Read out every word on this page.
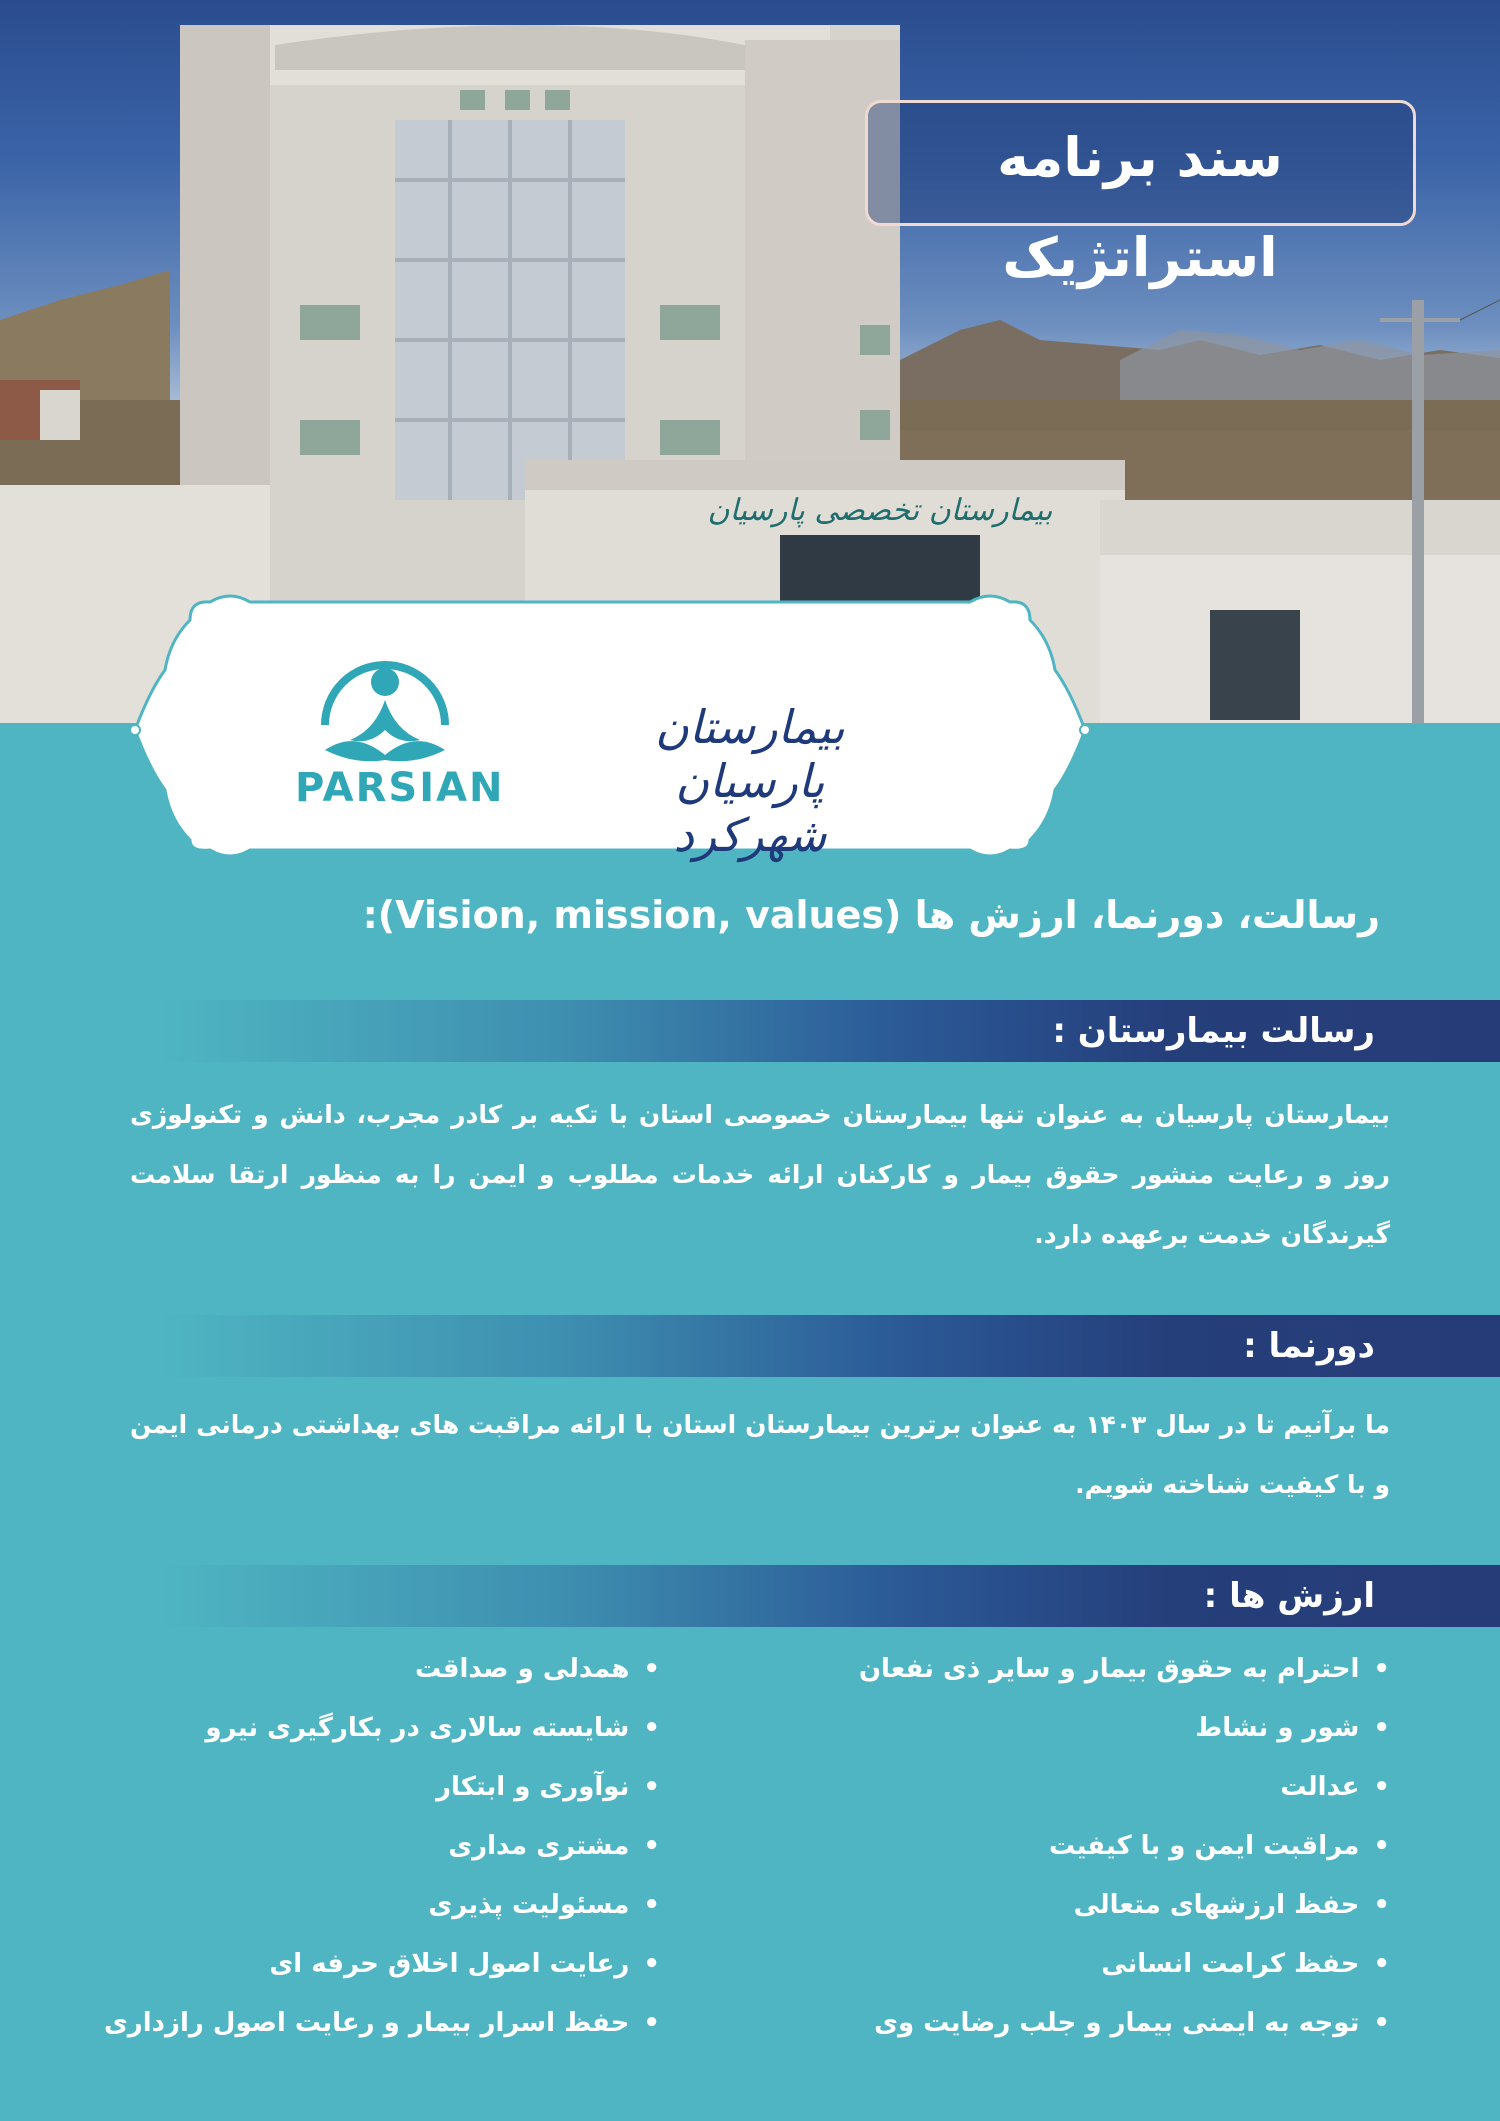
بیمارستان تخصصی پارسیان
سند برنامه استراتژیک
PARSIAN
بیمارستان پارسیان شهرکرد
رسالت، دورنما، ارزش ها (Vision, mission, values):
رسالت بیمارستان :
بیمارستان پارسیان به عنوان تنها بیمارستان خصوصی استان با تکیه بر کادر مجرب، دانش و تکنولوژی روز و رعایت منشور حقوق بیمار و کارکنان ارائه خدمات مطلوب و ایمن را به منظور ارتقا سلامت گیرندگان خدمت برعهده دارد.
دورنما :
ما برآنیم تا در سال ۱۴۰۳ به عنوان برترین بیمارستان استان با ارائه مراقبت های بهداشتی درمانی ایمن و با کیفیت شناخته شویم.
ارزش ها :
• احترام به حقوق بیمار و سایر ذی نفعان
• شور و نشاط
• عدالت
• مراقبت ایمن و با کیفیت
• حفظ ارزشهای متعالی
• حفظ کرامت انسانی
• توجه به ایمنی بیمار و جلب رضایت وی
• همدلی و صداقت
• شایسته سالاری در بکارگیری نیرو
• نوآوری و ابتکار
• مشتری مداری
• مسئولیت پذیری
• رعایت اصول اخلاق حرفه ای
• حفظ اسرار بیمار و رعایت اصول رازداری
